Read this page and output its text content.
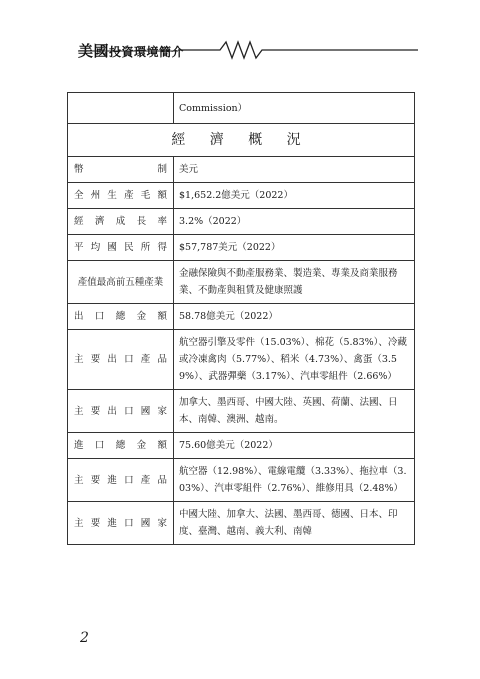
美國投資環境簡介
	Commission）
經 濟 概 況	
幣制	美元
全州生產毛額	$1,652.2億美元（2022）
經濟成長率	3.2%（2022）
平均國民所得	$57,787美元（2022）
產值最高前五種產業	金融保險與不動產服務業、製造業、專業及商業服務業、不動產與租賃及健康照護
出口總金額	58.78億美元（2022）
主要出口產品	航空器引擎及零件（15.03%）、棉花（5.83%）、冷藏或冷凍禽肉（5.77%）、稻米（4.73%）、禽蛋（3.59%）、武器彈藥（3.17%）、汽車零組件（2.66%）
主要出口國家	加拿大、墨西哥、中國大陸、英國、荷蘭、法國、日本、南韓、澳洲、越南。
進口總金額	75.60億美元（2022）
主要進口產品	航空器（12.98%）、電線電纜（3.33%）、拖拉車（3.03%）、汽車零組件（2.76%）、維修用具（2.48%）
主要進口國家	中國大陸、加拿大、法國、墨西哥、德國、日本、印度、臺灣、越南、義大利、南韓
2
